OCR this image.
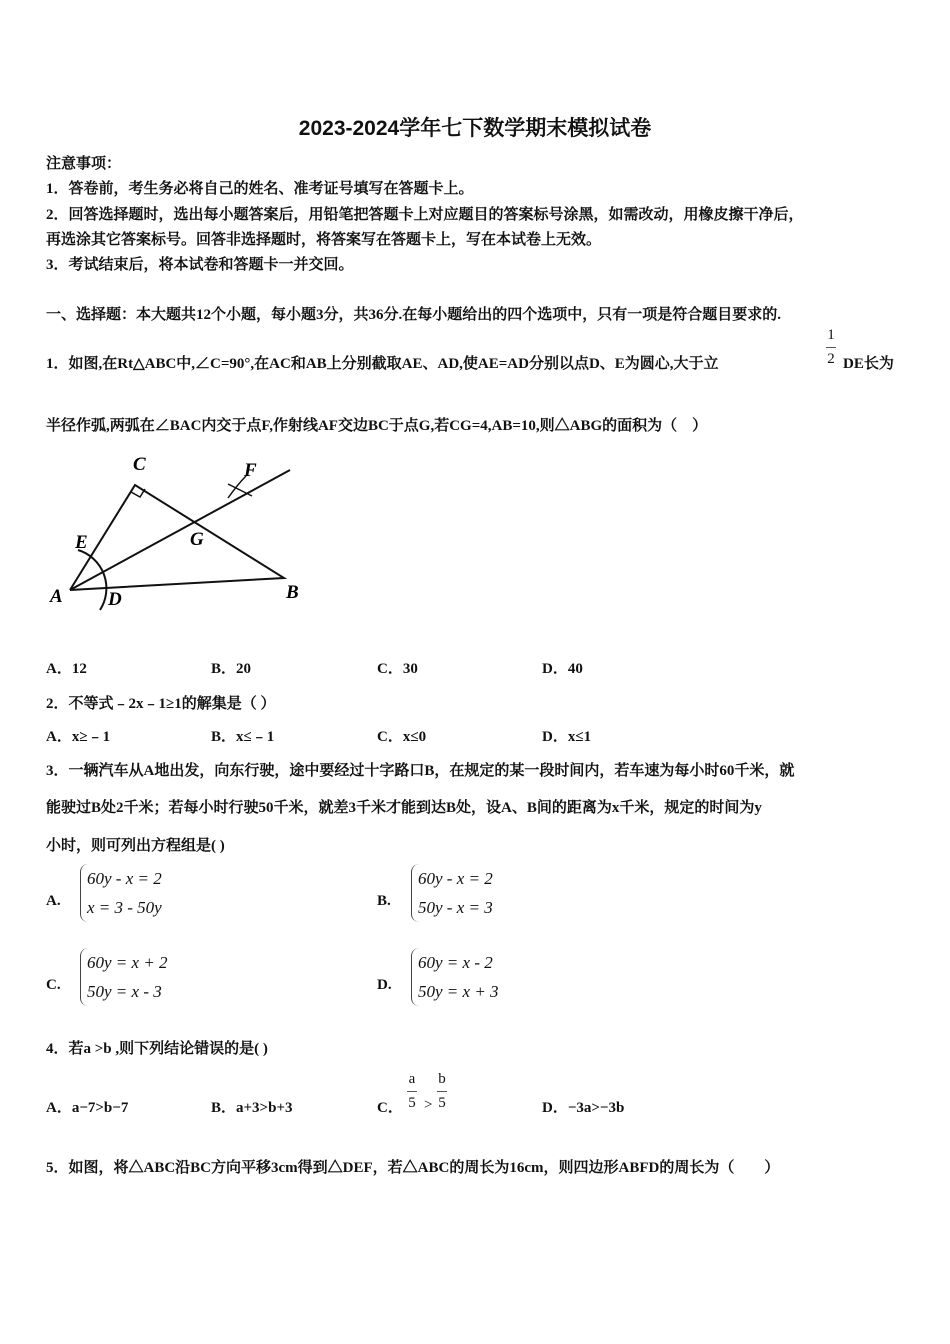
2023-2024学年七下数学期末模拟试卷
注意事项：
1．答卷前，考生务必将自己的姓名、准考证号填写在答题卡上。
2．回答选择题时，选出每小题答案后，用铅笔把答题卡上对应题目的答案标号涂黑，如需改动，用橡皮擦干净后，
再选涂其它答案标号。回答非选择题时，将答案写在答题卡上，写在本试卷上无效。
3．考试结束后，将本试卷和答题卡一并交回。
一、选择题：本大题共12个小题，每小题3分，共36分.在每小题给出的四个选项中，只有一项是符合题目要求的.
1．如图,在Rt△ABC中,∠C=90°,在AC和AB上分别截取AE、AD,使AE=AD分别以点D、E为圆心,大于立
1
2 DE长为
半径作弧,两弧在∠BAC内交于点F,作射线AF交边BC于点G,若CG=4,AB=10,则△ABG的面积为（　）
C	F
E	G
A D	B
A．12	B．20	C．30	D．40
2．不等式﹣2x﹣1≥1的解集是（ ）
A．x≥﹣1	B．x≤﹣1	C．x≤0	D．x≤1
3．一辆汽车从A地出发，向东行驶，途中要经过十字路口B，在规定的某一段时间内，若车速为每小时60千米，就
能驶过B处2千米；若每小时行驶50千米，就差3千米才能到达B处，设A、B间的距离为x千米，规定的时间为y
小时，则可列出方程组是( )
A.
60y - x = 2
x = 3 - 50y	B.
60y - x = 2
50y - x = 3
C.
60y = x + 2
50y = x - 3	D.
60y = x - 2
50y = x + 3
4．若a >b ,则下列结论错误的是( )
A．a−7>b−7	B．a+3>b+3	C．
a
5 >
b
5	D．−3a>−3b
5．如图，将△ABC沿BC方向平移3cm得到△DEF，若△ABC的周长为16cm，则四边形ABFD的周长为（　　）
